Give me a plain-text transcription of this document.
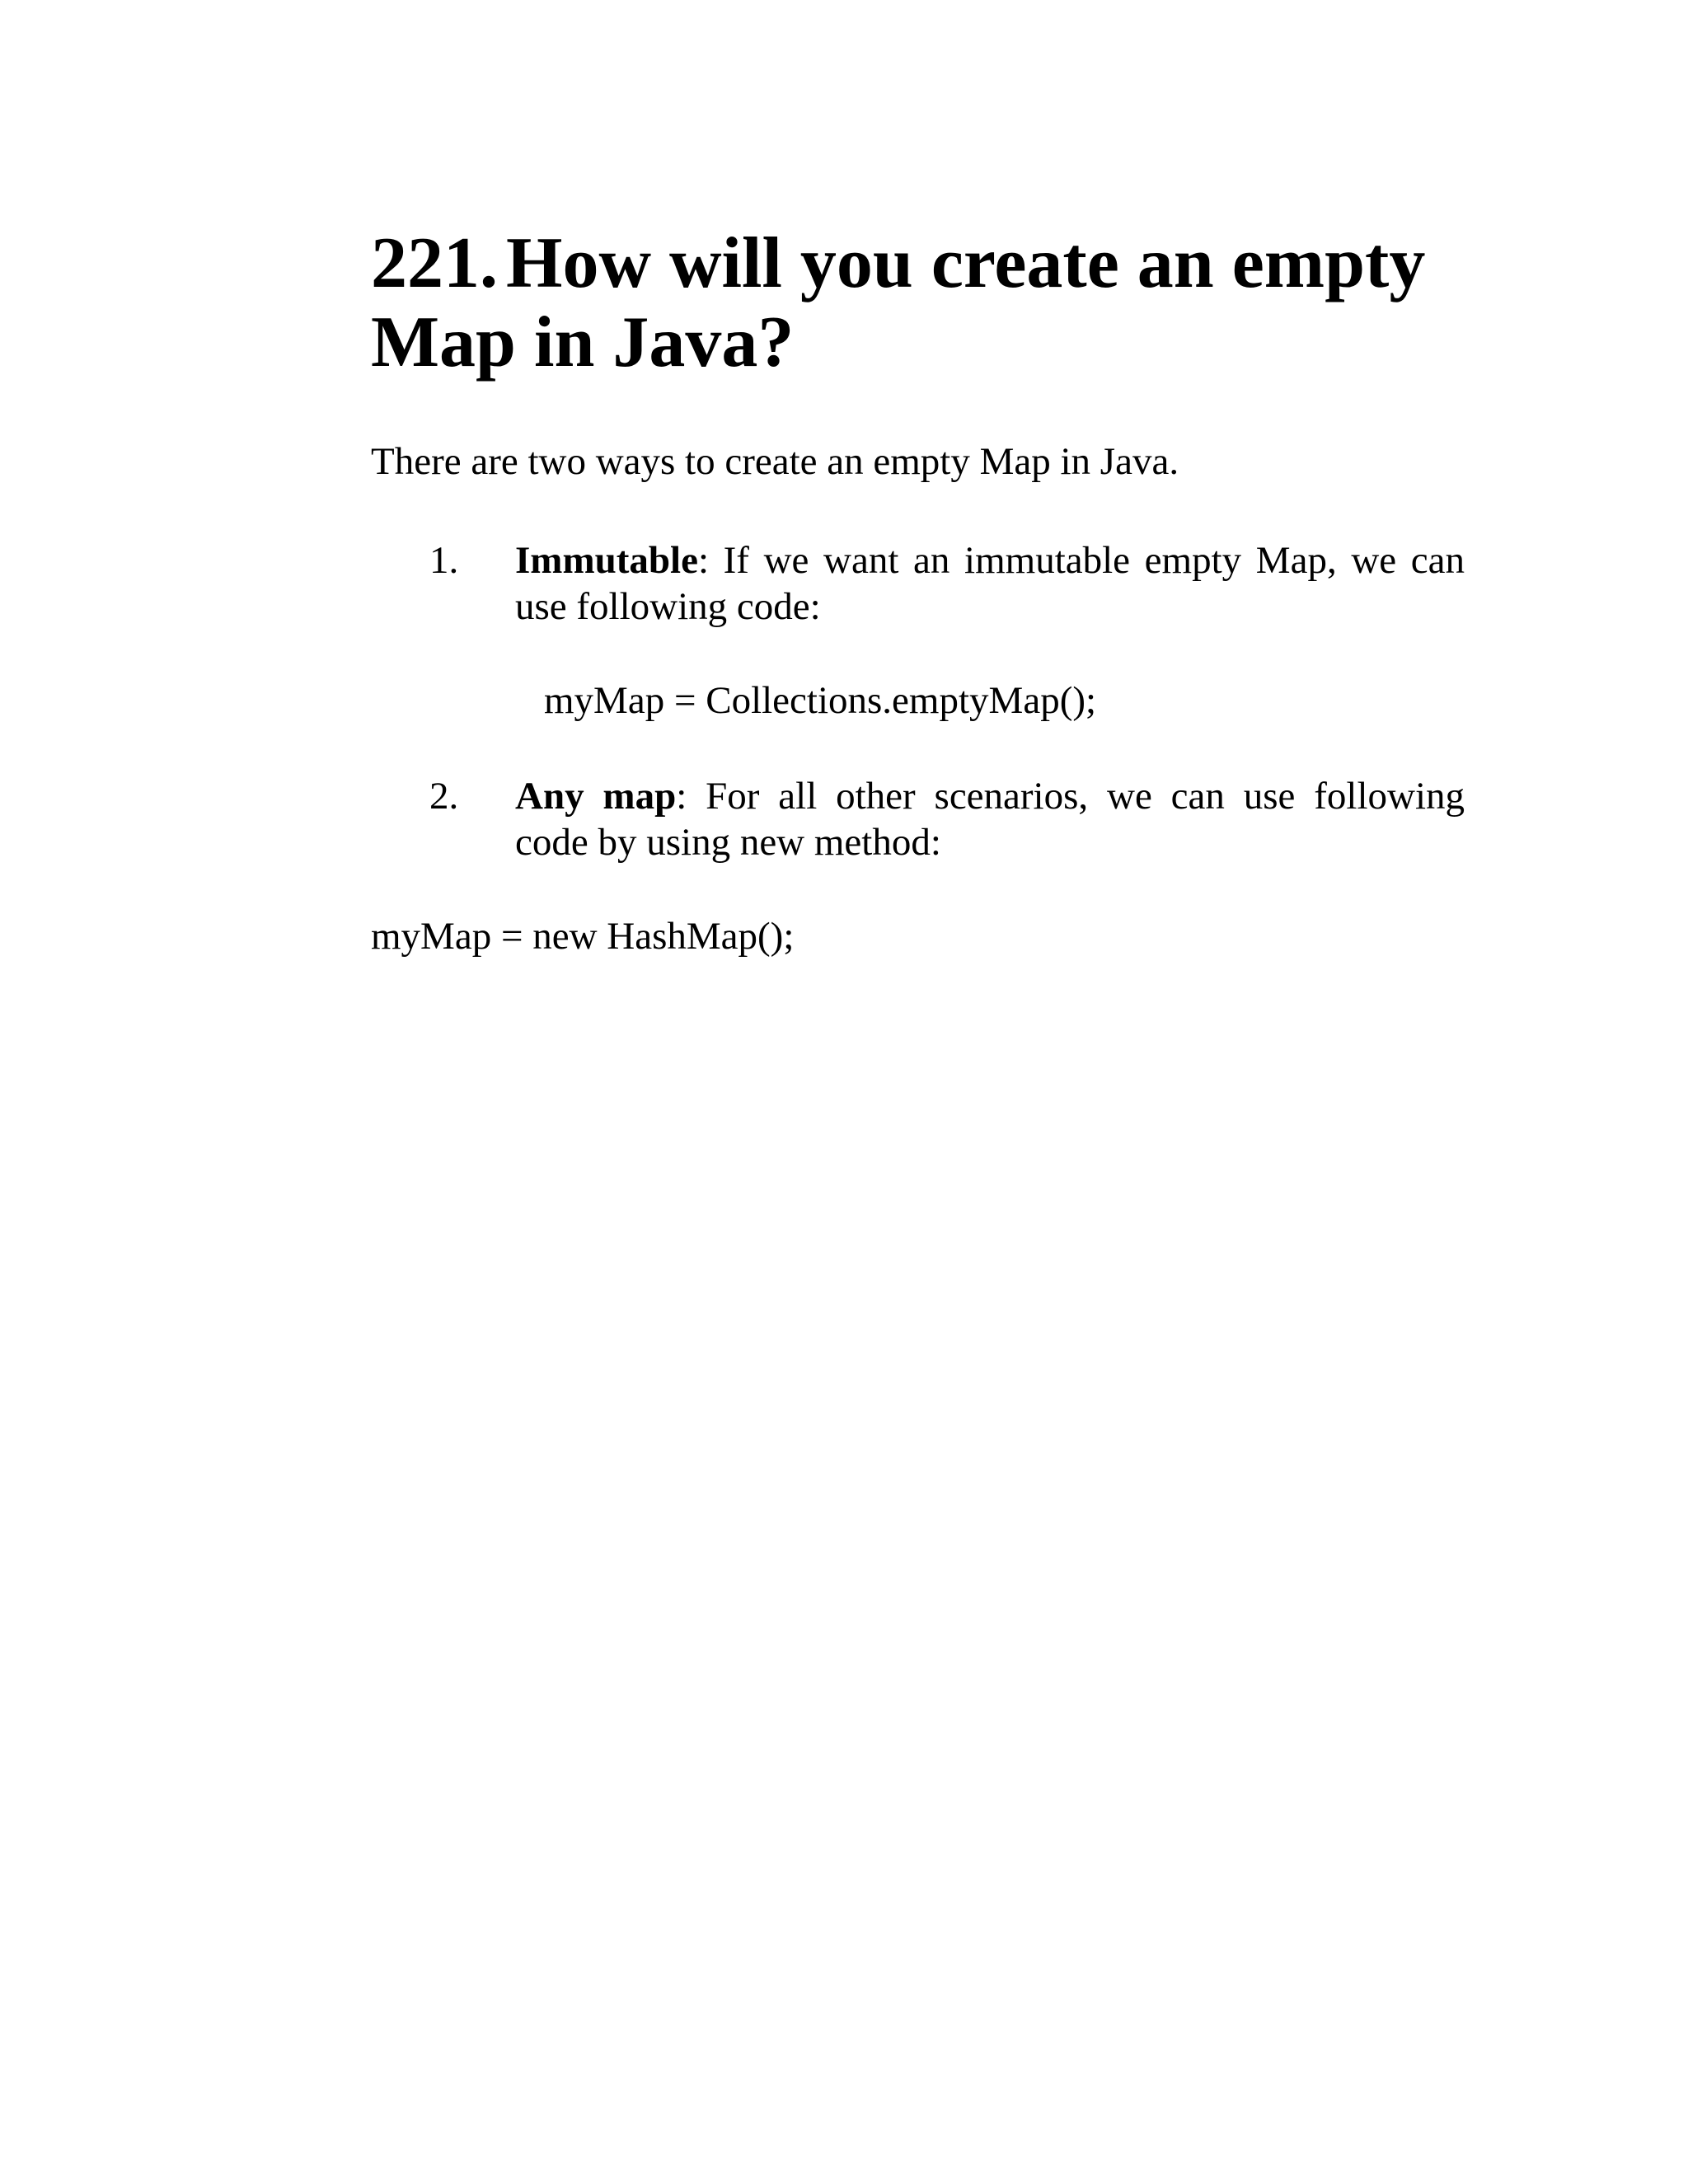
221. How will you create an empty Map in Java?

There are two ways to create an empty Map in Java.

1. Immutable: If we want an immutable empty Map, we can use following code:

myMap = Collections.emptyMap();

2. Any map: For all other scenarios, we can use following code by using new method:

myMap = new HashMap();
